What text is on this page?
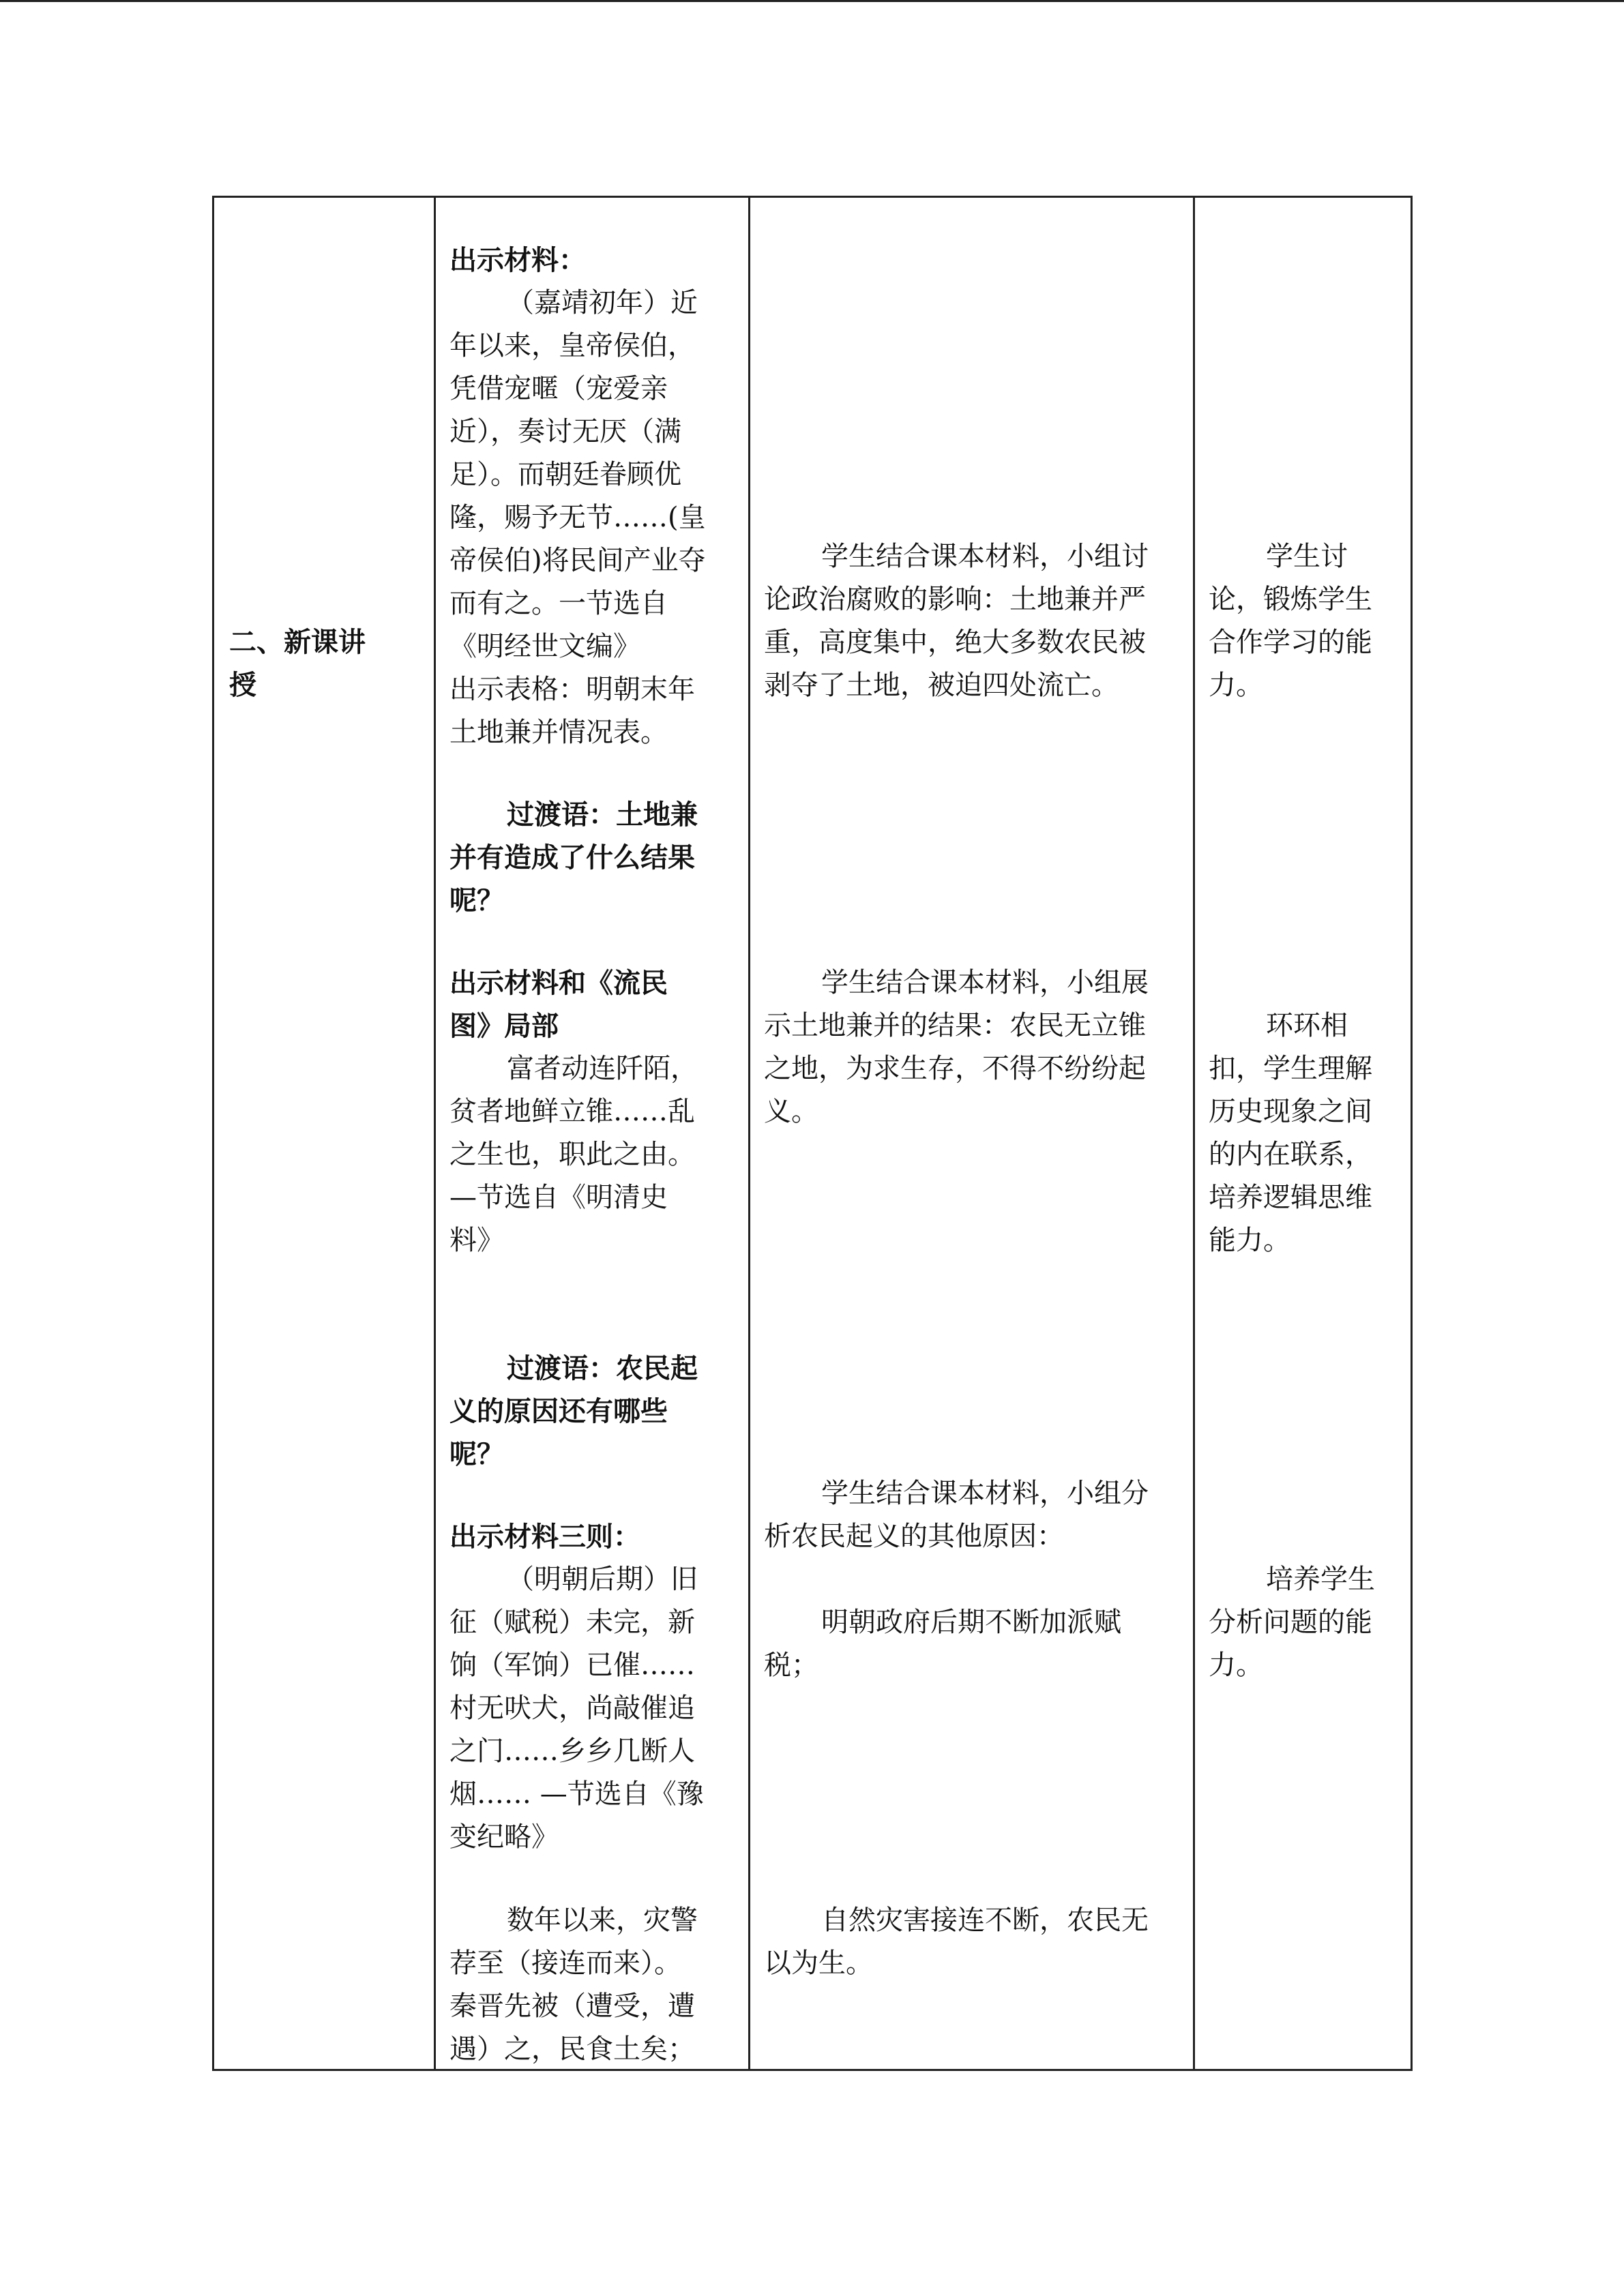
二、新课讲

授

出示材料：

（嘉靖初年）近

年以来，皇帝侯伯，

凭借宠暱（宠爱亲

近），奏讨无厌（满

足）。而朝廷眷顾优

隆，赐予无节……(皇

帝侯伯)将民间产业夺

而有之。一节选自

《明经世文编》

出示表格：明朝末年

土地兼并情况表。

过渡语：土地兼

并有造成了什么结果

呢？

出示材料和《流民

图》局部

富者动连阡陌，

贫者地鲜立锥……乱

之生也，职此之由。

—节选自《明清史

料》

过渡语：农民起

义的原因还有哪些

呢？

出示材料三则：

（明朝后期）旧

征（赋税）未完，新

饷（军饷）已催……

村无吠犬，尚敲催追

之门……乡乡几断人

烟…… —节选自《豫

变纪略》

数年以来，灾警

荐至（接连而来）。

秦晋先被（遭受，遭

遇）之，民食土矣；

学生结合课本材料，小组讨

论政治腐败的影响：土地兼并严

重，高度集中，绝大多数农民被

剥夺了土地，被迫四处流亡。

学生结合课本材料，小组展

示土地兼并的结果：农民无立锥

之地，为求生存，不得不纷纷起

义。

学生结合课本材料，小组分

析农民起义的其他原因：

明朝政府后期不断加派赋

税；

自然灾害接连不断，农民无

以为生。

学生讨

论，锻炼学生

合作学习的能

力。

环环相

扣，学生理解

历史现象之间

的内在联系，

培养逻辑思维

能力。

培养学生

分析问题的能

力。
